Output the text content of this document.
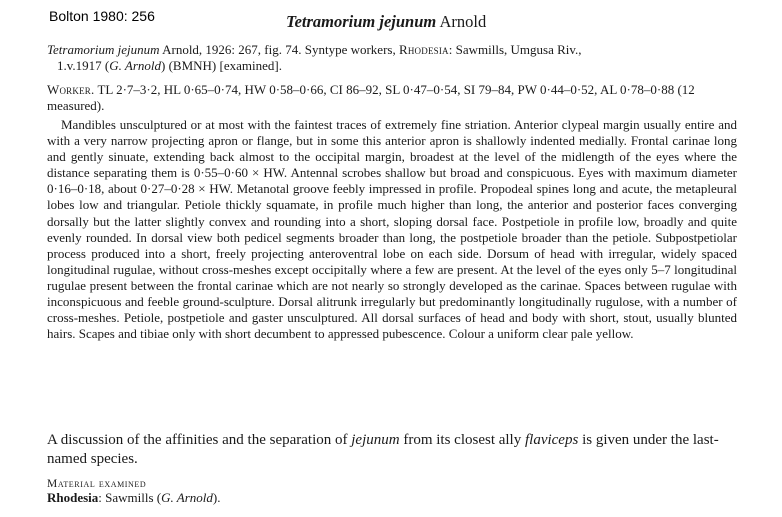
Bolton 1980: 256	Tetramorium jejunum Arnold
Tetramorium jejunum Arnold, 1926: 267, fig. 74. Syntype workers, Rhodesia: Sawmills, Umgusa Riv.,
1.v.1917 (G. Arnold) (BMNH) [examined].
Worker. TL 2·7–3·2, HL 0·65–0·74, HW 0·58–0·66, CI 86–92, SL 0·47–0·54, SI 79–84, PW 0·44–0·52, AL 0·78–0·88 (12 measured).
Mandibles unsculptured or at most with the faintest traces of extremely fine striation. Anterior clypeal margin usually entire and with a very narrow projecting apron or flange, but in some this anterior apron is shallowly indented medially. Frontal carinae long and gently sinuate, extending back almost to the occipital margin, broadest at the level of the midlength of the eyes where the distance separating them is 0·55–0·60 × HW. Antennal scrobes shallow but broad and conspicuous. Eyes with maximum diameter 0·16–0·18, about 0·27–0·28 × HW. Metanotal groove feebly impressed in profile. Propodeal spines long and acute, the metapleural lobes low and triangular. Petiole thickly squamate, in profile much higher than long, the anterior and posterior faces converging dorsally but the latter slightly convex and rounding into a short, sloping dorsal face. Postpetiole in profile low, broadly and quite evenly rounded. In dorsal view both pedicel segments broader than long, the postpetiole broader than the petiole. Subpostpetiolar process produced into a short, freely projecting anteroventral lobe on each side. Dorsum of head with irregular, widely spaced longitudinal rugulae, without cross-meshes except occipitally where a few are present. At the level of the eyes only 5–7 longitudinal rugulae present between the frontal carinae which are not nearly so strongly developed as the carinae. Spaces between rugulae with inconspicuous and feeble ground-sculpture. Dorsal alitrunk irregularly but predominantly longitudinally rugulose, with a number of cross-meshes. Petiole, postpetiole and gaster unsculptured. All dorsal surfaces of head and body with short, stout, usually blunted hairs. Scapes and tibiae only with short decumbent to appressed pubescence. Colour a uniform clear pale yellow.
A discussion of the affinities and the separation of jejunum from its closest ally flaviceps is given under the last-named species.
Material examined
Rhodesia: Sawmills (G. Arnold).
